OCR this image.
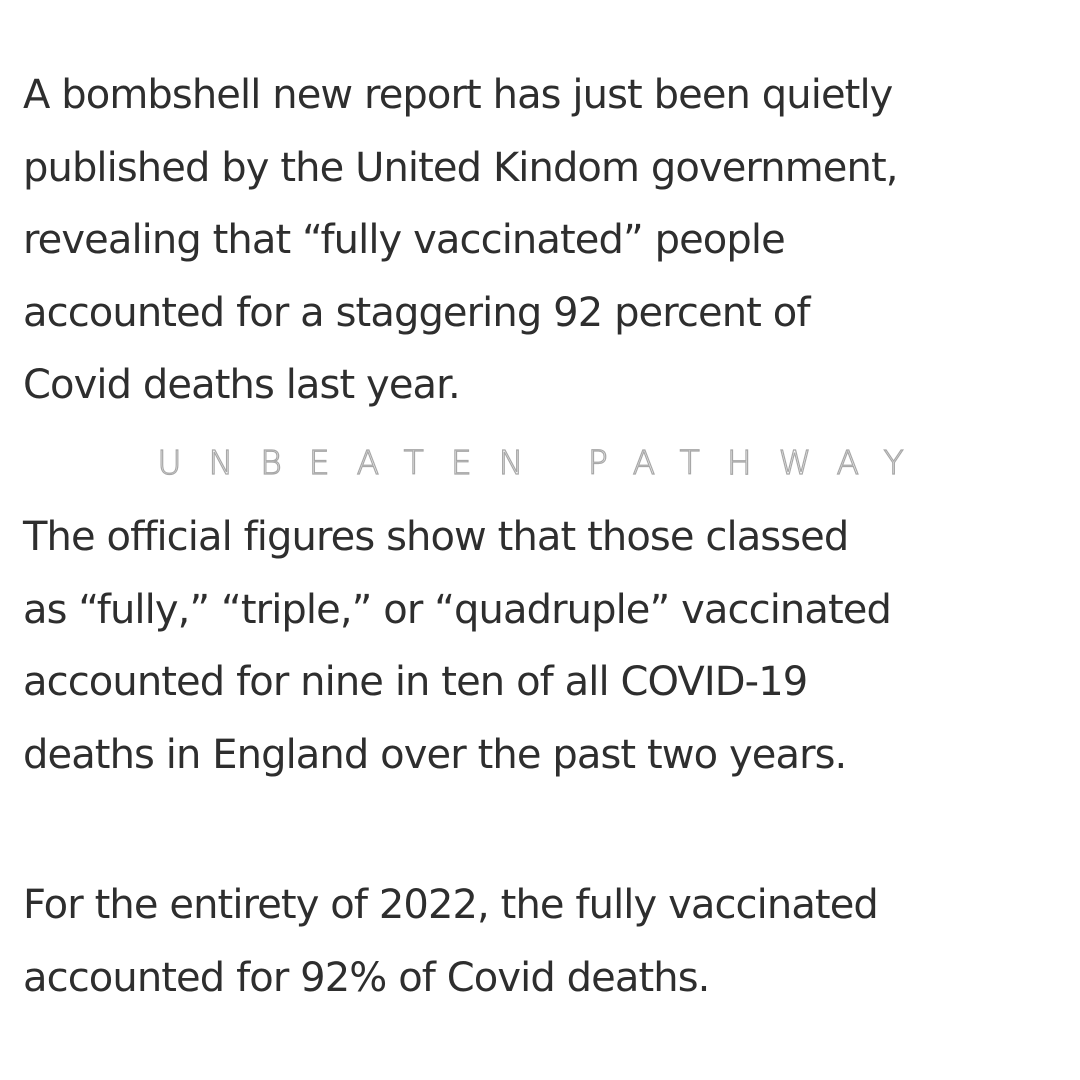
A bombshell new report has just been quietly
published by the United Kindom government,
revealing that “fully vaccinated” people
accounted for a staggering 92 percent of
Covid deaths last year.

UNBEATEN PATHWAY

The official figures show that those classed
as “fully,” “triple,” or “quadruple” vaccinated
accounted for nine in ten of all COVID-19
deaths in England over the past two years.

For the entirety of 2022, the fully vaccinated
accounted for 92% of Covid deaths.
